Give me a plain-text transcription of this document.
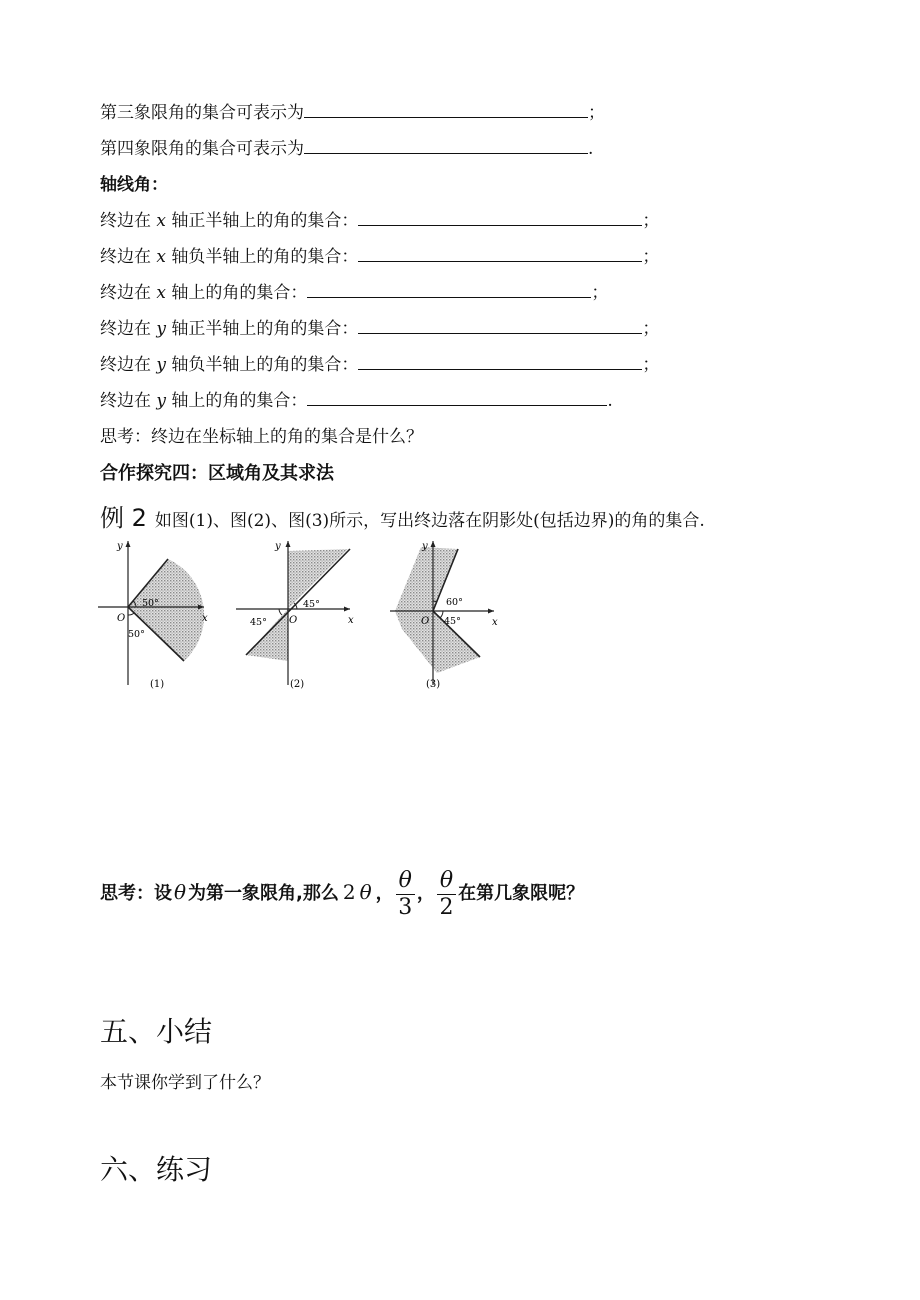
第三象限角的集合可表示为	；
第四象限角的集合可表示为	.
轴线角：
终边在 x 轴正半轴上的角的集合：	；
终边在 x 轴负半轴上的角的集合：	；
终边在 x 轴上的角的集合：	；
终边在 y 轴正半轴上的角的集合：	；
终边在 y 轴负半轴上的角的集合：	；
终边在 y 轴上的角的集合：	.
思考：终边在坐标轴上的角的集合是什么？
合作探究四：区域角及其求法
例 2 如图(1)、图(2)、图(3)所示，写出终边落在阴影处(包括边界)的角的集合.
y
x
O
50°
50°
(1)
y
x
O
45°
45°
(2)
y
x
O
60°
45°
(3)
思考：设 θ 为第一象限角,那么 2 θ ， $\frac{\theta}{3}$ ， $\frac{\theta}{2}$ 在第几象限呢？
五、小结
本节课你学到了什么？
六、练习
